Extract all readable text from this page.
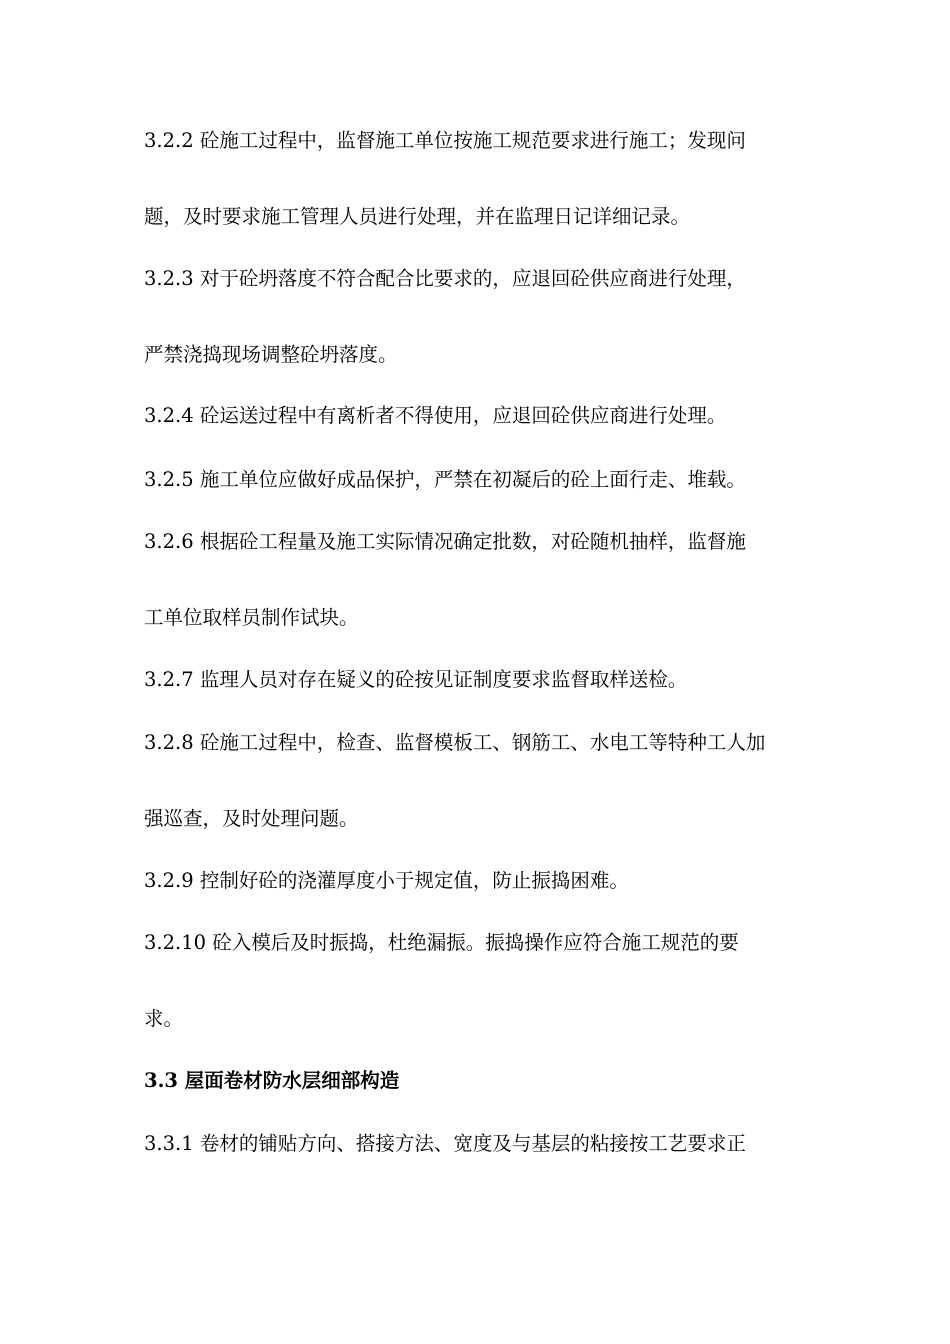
3.2.2 砼施工过程中，监督施工单位按施工规范要求进行施工；发现问
题，及时要求施工管理人员进行处理，并在监理日记详细记录。
3.2.3 对于砼坍落度不符合配合比要求的，应退回砼供应商进行处理，
严禁浇捣现场调整砼坍落度。
3.2.4 砼运送过程中有离析者不得使用，应退回砼供应商进行处理。
3.2.5 施工单位应做好成品保护，严禁在初凝后的砼上面行走、堆载。
3.2.6 根据砼工程量及施工实际情况确定批数，对砼随机抽样，监督施
工单位取样员制作试块。
3.2.7 监理人员对存在疑义的砼按见证制度要求监督取样送检。
3.2.8 砼施工过程中，检查、监督模板工、钢筋工、水电工等特种工人加
强巡查，及时处理问题。
3.2.9 控制好砼的浇灌厚度小于规定值，防止振捣困难。
3.2.10 砼入模后及时振捣，杜绝漏振。振捣操作应符合施工规范的要
求。
3.3 屋面卷材防水层细部构造
3.3.1 卷材的铺贴方向、搭接方法、宽度及与基层的粘接按工艺要求正
